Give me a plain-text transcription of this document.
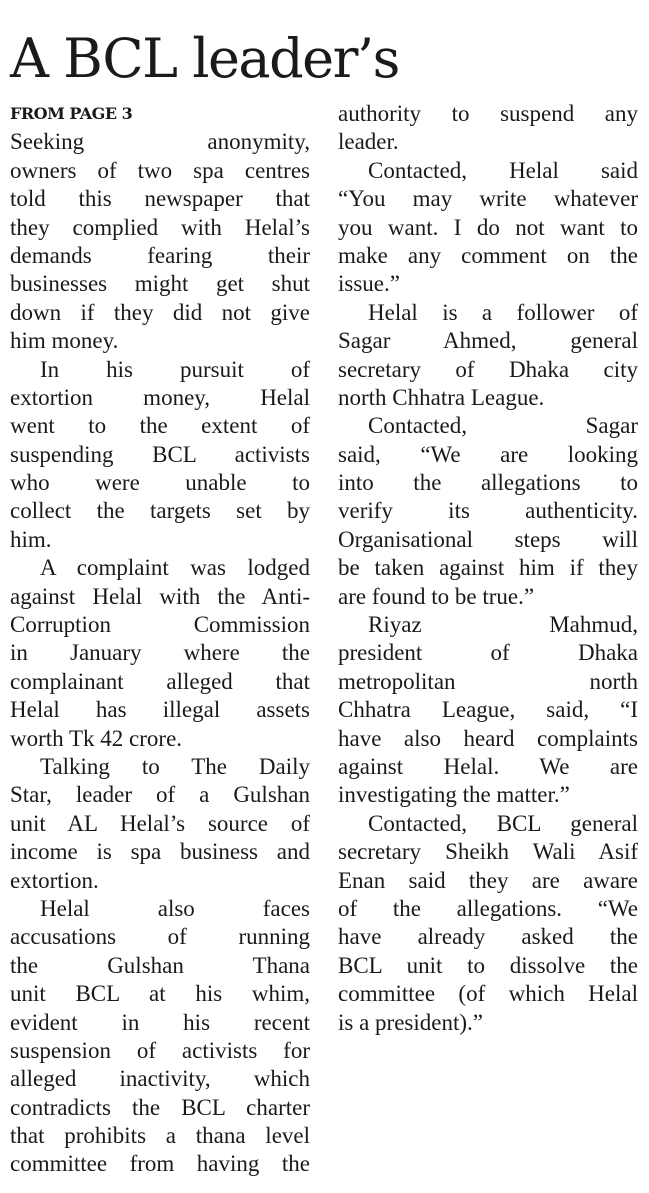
A BCL leader’s
FROM PAGE 3
Seeking anonymity,
owners of two spa centres
told this newspaper that
they complied with Helal’s
demands fearing their
businesses might get shut
down if they did not give
him money.
In his pursuit of
extortion money, Helal
went to the extent of
suspending BCL activists
who were unable to
collect the targets set by
him.
A complaint was lodged
against Helal with the Anti-
Corruption Commission
in January where the
complainant alleged that
Helal has illegal assets
worth Tk 42 crore.
Talking to The Daily
Star, leader of a Gulshan
unit AL Helal’s source of
income is spa business and
extortion.
Helal also faces
accusations of running
the Gulshan Thana
unit BCL at his whim,
evident in his recent
suspension of activists for
alleged inactivity, which
contradicts the BCL charter
that prohibits a thana level
committee from having the
authority to suspend any
leader.
Contacted, Helal said
“You may write whatever
you want. I do not want to
make any comment on the
issue.”
Helal is a follower of
Sagar Ahmed, general
secretary of Dhaka city
north Chhatra League.
Contacted, Sagar
said, “We are looking
into the allegations to
verify its authenticity.
Organisational steps will
be taken against him if they
are found to be true.”
Riyaz Mahmud,
president of Dhaka
metropolitan north
Chhatra League, said, “I
have also heard complaints
against Helal. We are
investigating the matter.”
Contacted, BCL general
secretary Sheikh Wali Asif
Enan said they are aware
of the allegations. “We
have already asked the
BCL unit to dissolve the
committee (of which Helal
is a president).”
